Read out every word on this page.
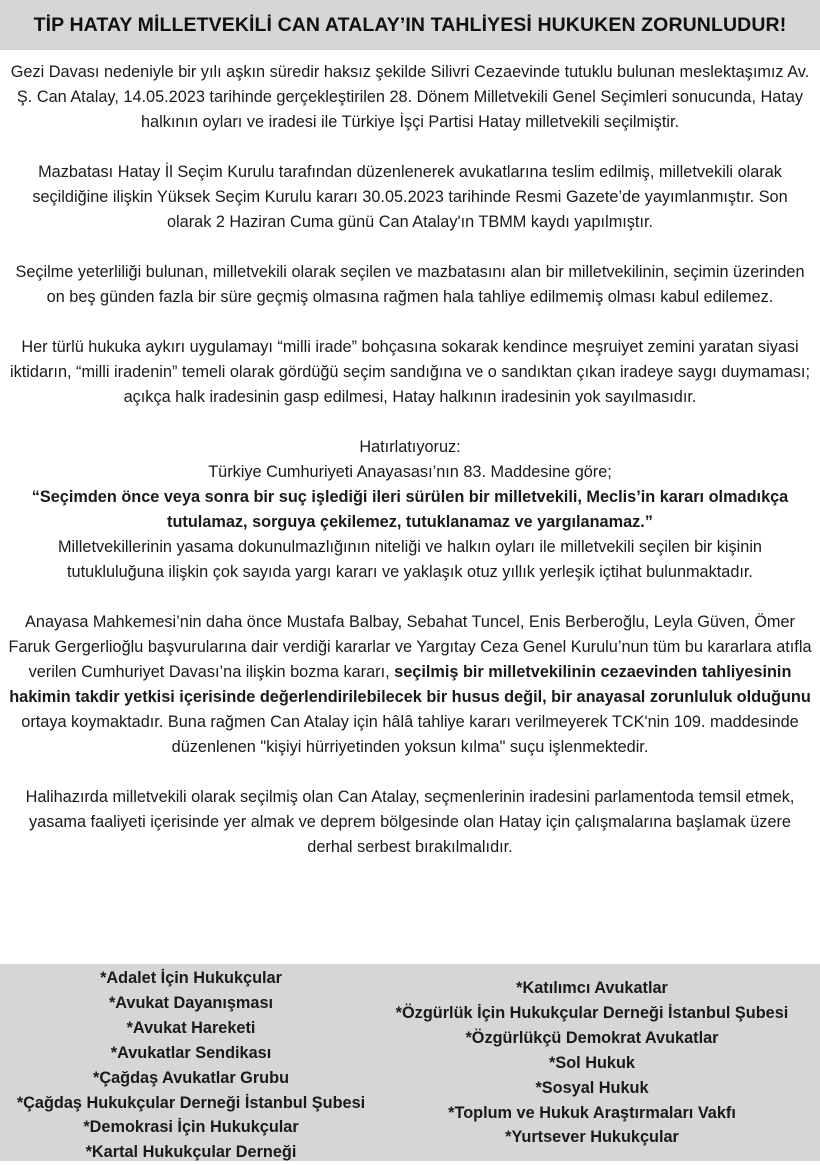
TİP HATAY MİLLETVEKİLİ CAN ATALAY’IN TAHLİYESİ HUKUKEN ZORUNLUDUR!

Gezi Davası nedeniyle bir yılı aşkın süredir haksız şekilde Silivri Cezaevinde tutuklu bulunan meslektaşımız Av. Ş. Can Atalay, 14.05.2023 tarihinde gerçekleştirilen 28. Dönem Milletvekili Genel Seçimleri sonucunda, Hatay halkının oyları ve iradesi ile Türkiye İşçi Partisi Hatay milletvekili seçilmiştir.

Mazbatası Hatay İl Seçim Kurulu tarafından düzenlenerek avukatlarına teslim edilmiş, milletvekili olarak seçildiğine ilişkin Yüksek Seçim Kurulu kararı 30.05.2023 tarihinde Resmi Gazete’de yayımlanmıştır. Son olarak 2 Haziran Cuma günü Can Atalay'ın TBMM kaydı yapılmıştır.

Seçilme yeterliliği bulunan, milletvekili olarak seçilen ve mazbatasını alan bir milletvekilinin, seçimin üzerinden on beş günden fazla bir süre geçmiş olmasına rağmen hala tahliye edilmemiş olması kabul edilemez.

Her türlü hukuka aykırı uygulamayı “milli irade” bohçasına sokarak kendince meşruiyet zemini yaratan siyasi iktidarın, “milli iradenin” temeli olarak gördüğü seçim sandığına ve o sandıktan çıkan iradeye saygı duymaması; açıkça halk iradesinin gasp edilmesi, Hatay halkının iradesinin yok sayılmasıdır.

Hatırlatıyoruz:

Türkiye Cumhuriyeti Anayasası’nın 83. Maddesine göre;

“Seçimden önce veya sonra bir suç işlediği ileri sürülen bir milletvekili, Meclis’in kararı olmadıkça tutulamaz, sorguya çekilemez, tutuklanamaz ve yargılanamaz.”

Milletvekillerinin yasama dokunulmazlığının niteliği ve halkın oyları ile milletvekili seçilen bir kişinin tutukluluğuna ilişkin çok sayıda yargı kararı ve yaklaşık otuz yıllık yerleşik içtihat bulunmaktadır.

Anayasa Mahkemesi’nin daha önce Mustafa Balbay, Sebahat Tuncel, Enis Berberoğlu, Leyla Güven, Ömer Faruk Gergerlioğlu başvurularına dair verdiği kararlar ve Yargıtay Ceza Genel Kurulu’nun tüm bu kararlara atıfla verilen Cumhuriyet Davası’na ilişkin bozma kararı, seçilmiş bir milletvekilinin cezaevinden tahliyesinin hakimin takdir yetkisi içerisinde değerlendirilebilecek bir husus değil, bir anayasal zorunluluk olduğunu ortaya koymaktadır. Buna rağmen Can Atalay için hâlâ tahliye kararı verilmeyerek TCK'nin 109. maddesinde düzenlenen "kişiyi hürriyetinden yoksun kılma" suçu işlenmektedir.

Halihazırda milletvekili olarak seçilmiş olan Can Atalay, seçmenlerinin iradesini parlamentoda temsil etmek, yasama faaliyeti içerisinde yer almak ve deprem bölgesinde olan Hatay için çalışmalarına başlamak üzere derhal serbest bırakılmalıdır.

*Adalet İçin Hukukçular
*Avukat Dayanışması
*Avukat Hareketi
*Avukatlar Sendikası
*Çağdaş Avukatlar Grubu
*Çağdaş Hukukçular Derneği İstanbul Şubesi
*Demokrasi İçin Hukukçular
*Kartal Hukukçular Derneği
*Katılımcı Avukatlar
*Özgürlük İçin Hukukçular Derneği İstanbul Şubesi
*Özgürlükçü Demokrat Avukatlar
*Sol Hukuk
*Sosyal Hukuk
*Toplum ve Hukuk Araştırmaları Vakfı
*Yurtsever Hukukçular
